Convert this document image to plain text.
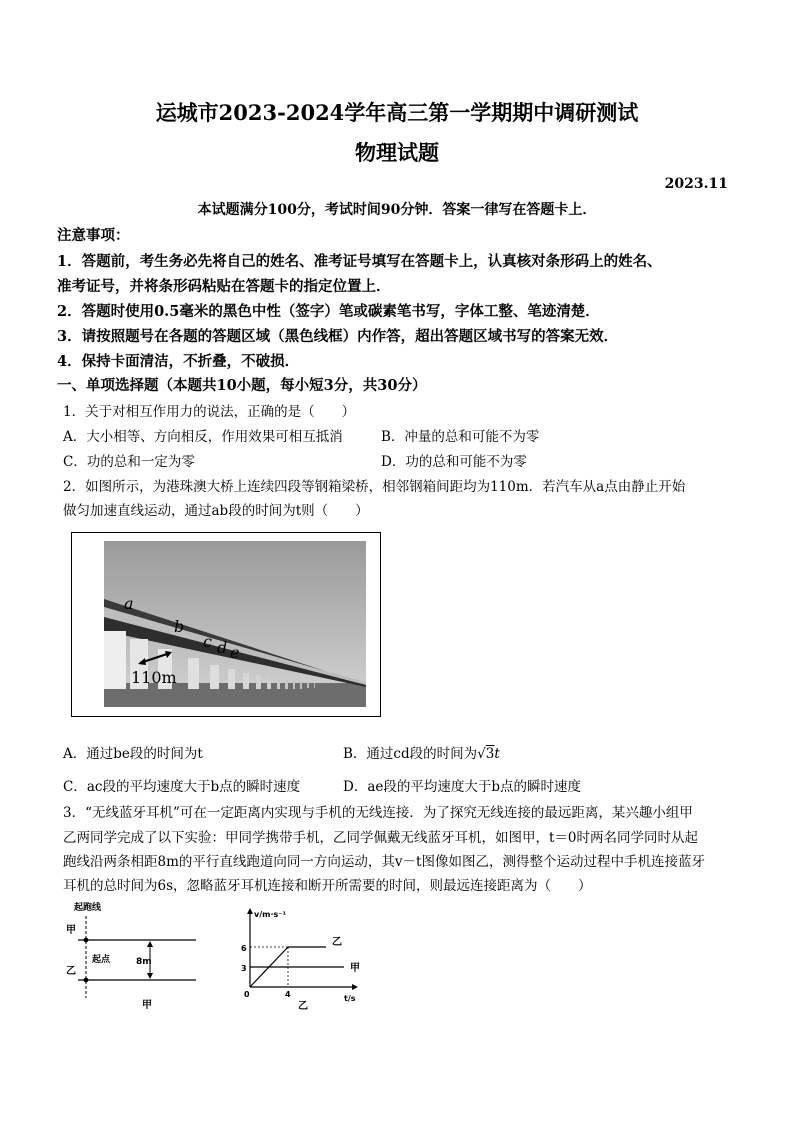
运城市2023-2024学年高三第一学期期中调研测试
物理试题
2023.11
本试题满分100分，考试时间90分钟．答案一律写在答题卡上．
注意事项：
1．答题前，考生务必先将自己的姓名、准考证号填写在答题卡上，认真核对条形码上的姓名、
准考证号，并将条形码粘贴在答题卡的指定位置上．
2．答题时使用0.5毫米的黑色中性（签字）笔或碳素笔书写，字体工整、笔迹清楚．
3．请按照题号在各题的答题区域（黑色线框）内作答，超出答题区域书写的答案无效．
4．保持卡面清洁，不折叠，不破损．
一、单项选择题（本题共10小题，每小短3分，共30分）
1．关于对相互作用力的说法，正确的是（　　）
A．大小相等、方向相反，作用效果可相互抵消	B．冲量的总和可能不为零
C．功的总和一定为零	D．功的总和可能不为零
2．如图所示，为港珠澳大桥上连续四段等钢箱梁桥，相邻钢箱间距均为110m．若汽车从a点由静止开始
做匀加速直线运动，通过ab段的时间为t则（　　）
a
b
c d e
110m
A．通过be段的时间为t	B．通过cd段的时间为√3t
C．ac段的平均速度大于b点的瞬时速度	D．ae段的平均速度大于b点的瞬时速度
3．“无线蓝牙耳机”可在一定距离内实现与手机的无线连接．为了探究无线连接的最远距离，某兴趣小组甲
乙两同学完成了以下实验：甲同学携带手机，乙同学佩戴无线蓝牙耳机，如图甲，t＝0时两名同学同时从起
跑线沿两条相距8m的平行直线跑道向同一方向运动，其v－t图像如图乙，测得整个运动过程中手机连接蓝牙
耳机的总时间为6s，忽略蓝牙耳机连接和断开所需要的时间，则最远连接距离为（　　）
起跑线
甲
乙
起点	8m
甲
v/m·s⁻¹
t/s
0
6
3
4
乙
甲
乙
